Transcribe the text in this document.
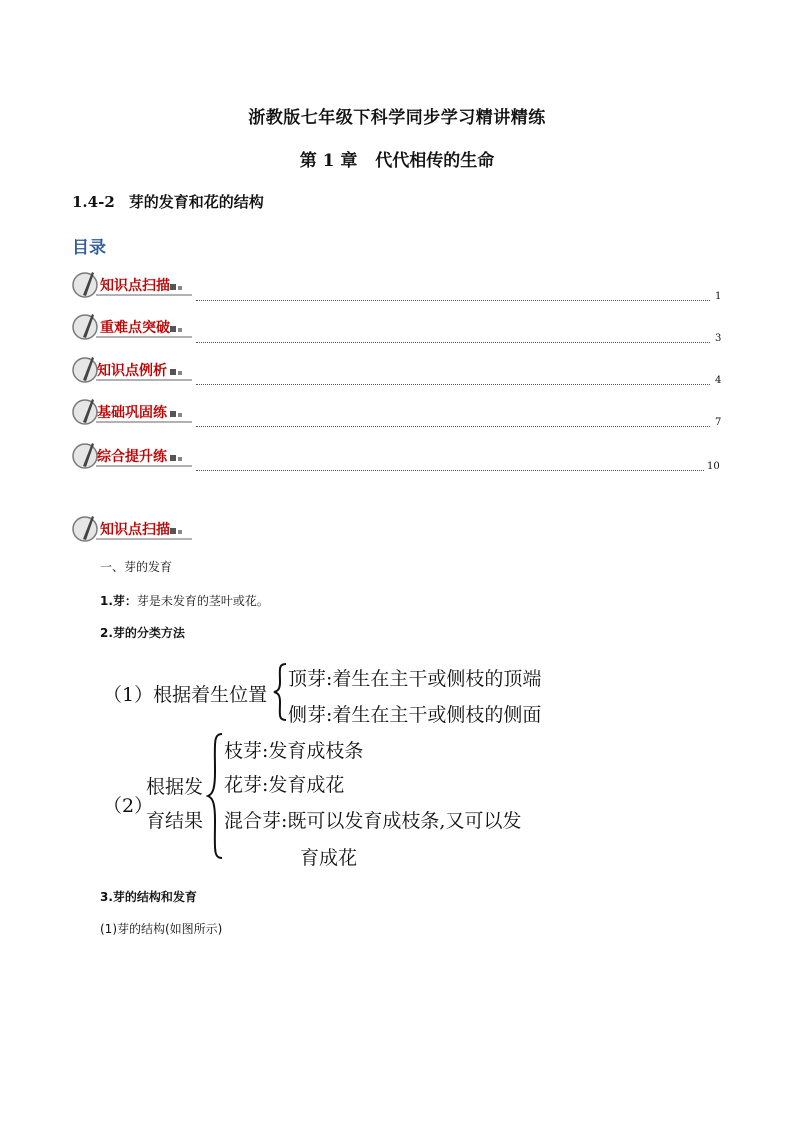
浙教版七年级下科学同步学习精讲精练
第 1 章 代代相传的生命
1.4-2 芽的发育和花的结构
目录
知识点扫描
1
重难点突破
3
知识点例析
4
基础巩固练
7
综合提升练
10
知识点扫描
一、芽的发育
1.芽：芽是未发育的茎叶或花。
2.芽的分类方法
（1）根据着生位置
顶芽:着生在主干或侧枝的顶端
侧芽:着生在主干或侧枝的侧面
（2）
根据发
育结果
枝芽:发育成枝条
花芽:发育成花
混合芽:既可以发育成枝条,又可以发
育成花
3.芽的结构和发育
(1)芽的结构(如图所示)
